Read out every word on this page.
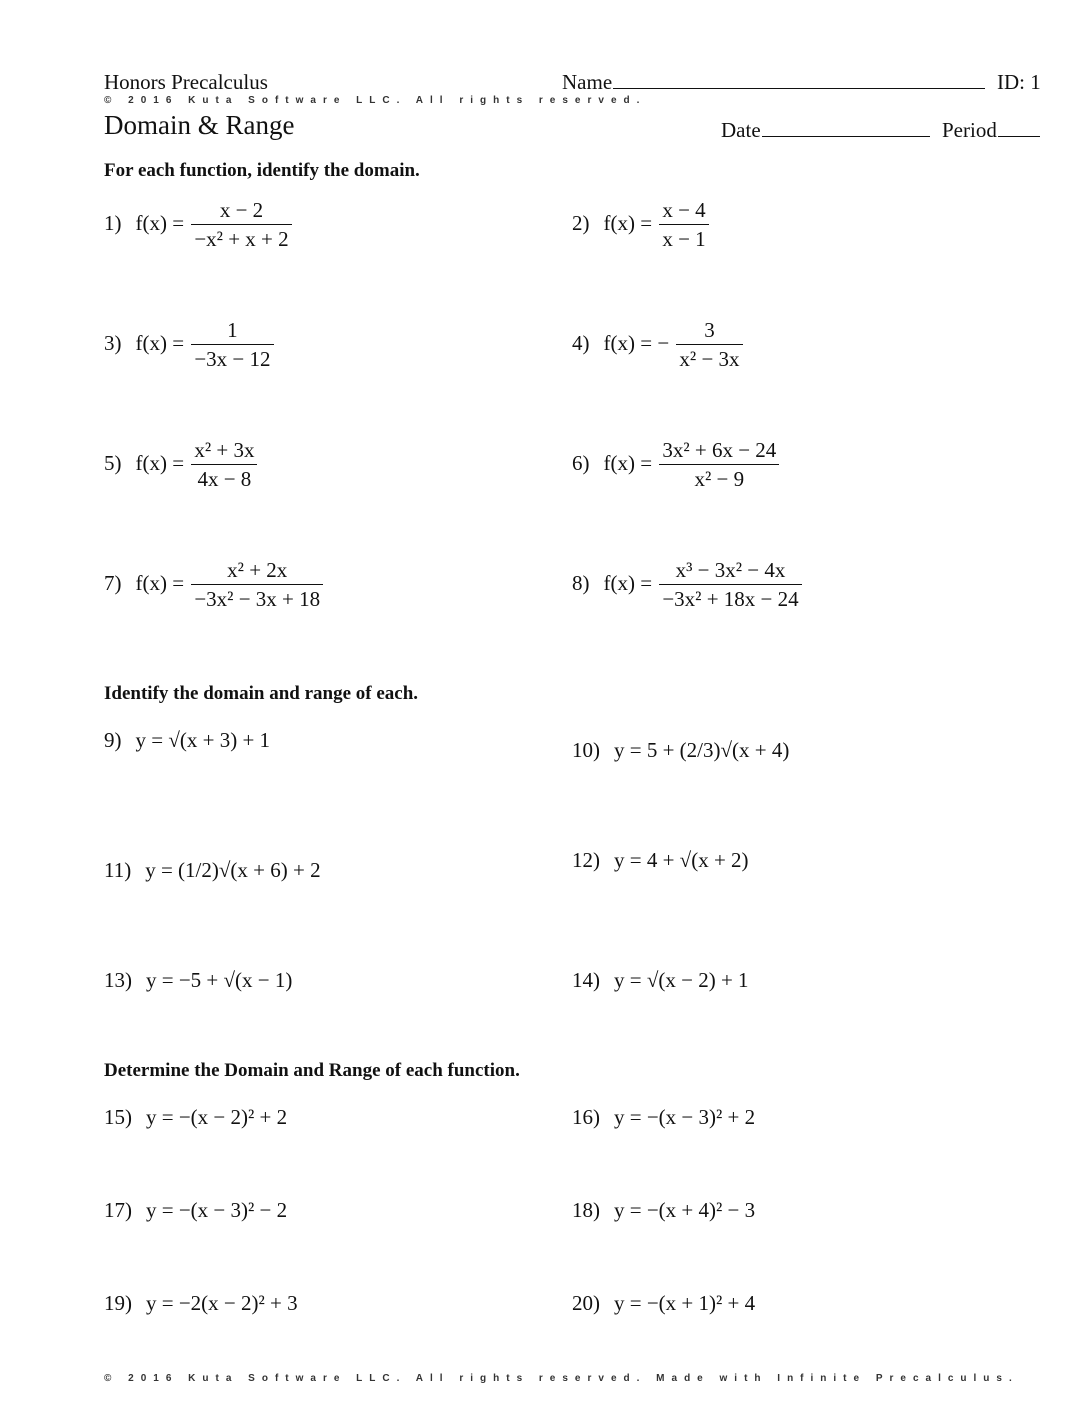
Honors Precalculus	Name	ID: 1
© 2016 Kuta Software LLC. All rights reserved.
Domain & Range	Date	Period
For each function, identify the domain.
1) $f(x) = \frac{x - 2}{\text{−x² + x + 2}}$	2) $f(x) = \frac{x - 4}{x - 1}$
3) $f(x) = \frac{1}{-3x - 12}$	4) f(x) = − $\frac{3}{\text{x² − 3x}}$
5) $f(x) = \frac{\text{x² + 3x}}{4x - 8}$	6) $f(x) = \frac{\text{3x² + 6x − 24}}{\text{x² − 9}}$
7) $f(x) = \frac{\text{x² + 2x}}{\text{−3x² − 3x + 18}}$	8) $f(x) = \frac{\text{x³ − 3x² − 4x}}{\text{−3x² + 18x − 24}}$
Identify the domain and range of each.
9) y = √(x + 3) + 1	10) y = 5 + (2/3)√(x + 4)
11) y = (1/2)√(x + 6) + 2	12) y = 4 + √(x + 2)
13) y = −5 + √(x − 1)	14) y = √(x − 2) + 1
Determine the Domain and Range of each function.
15) y = −(x − 2)² + 2	16) y = −(x − 3)² + 2
17) y = −(x − 3)² − 2	18) y = −(x + 4)² − 3
19) y = −2(x − 2)² + 3	20) y = −(x + 1)² + 4
© 2016 Kuta Software LLC. All rights reserved. Made with Infinite Precalculus.
